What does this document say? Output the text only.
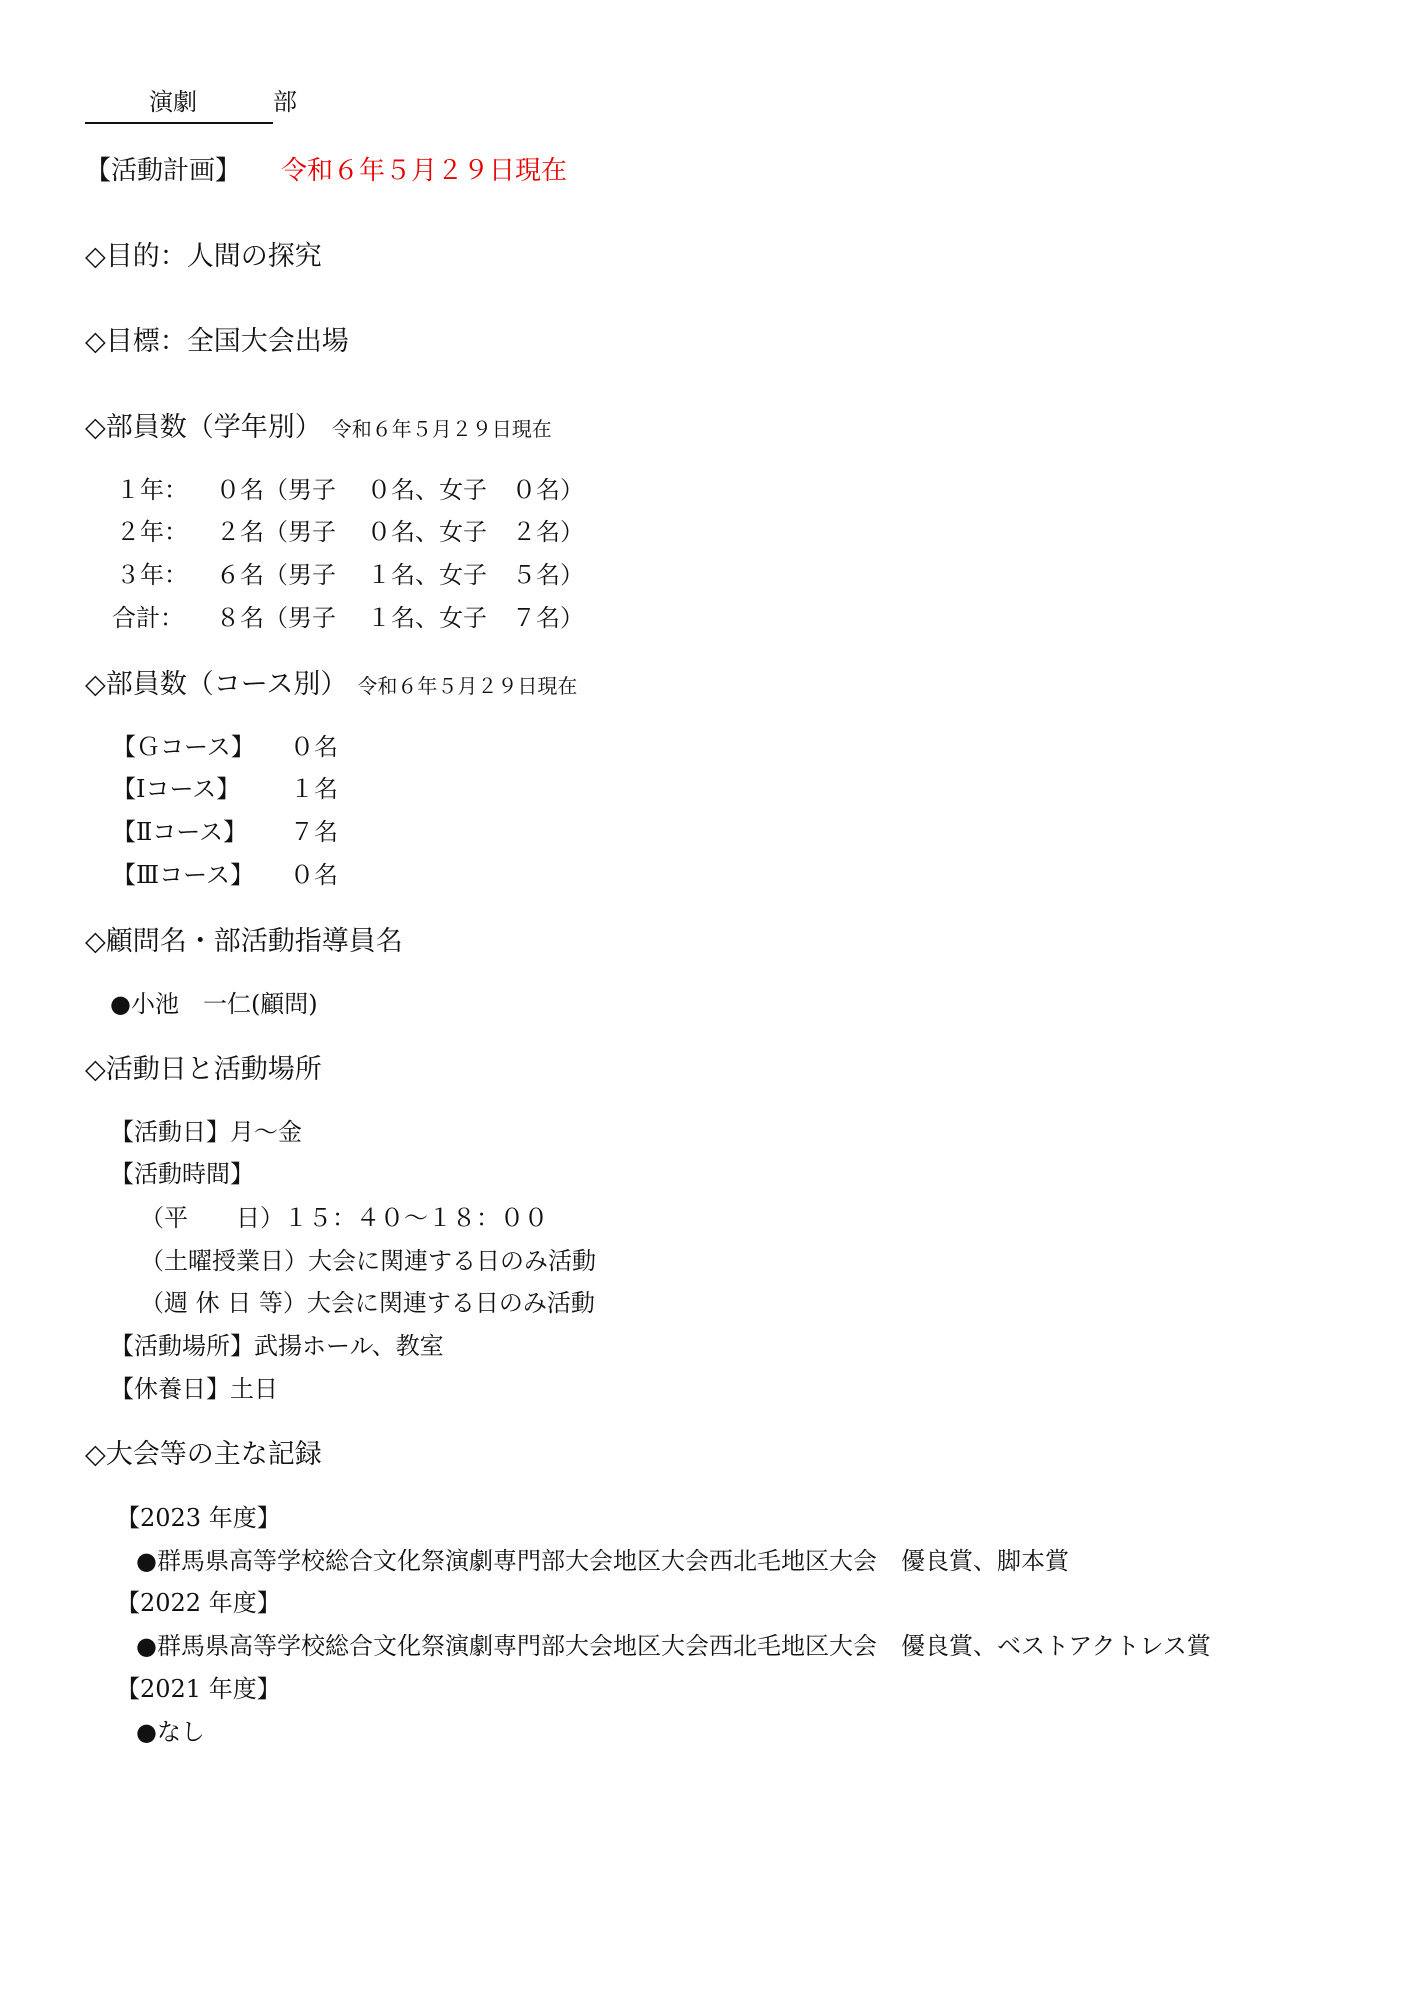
演劇	部
【活動計画】 令和６年５月２９日現在
◇目的：人間の探究
◇目標：全国大会出場
◇部員数（学年別） 令和６年５月２９日現在
１年： ０名（男子 ０名、女子 ０名）
２年： ２名（男子 ０名、女子 ２名）
３年： ６名（男子 １名、女子 ５名）
合計： ８名（男子 １名、女子 ７名）
◇部員数（コース別） 令和６年５月２９日現在
【Ｇコース】 ０名
【Ⅰコース】 １名
【Ⅱコース】 ７名
【Ⅲコース】 ０名
◇顧問名・部活動指導員名
●小池　一仁(顧問)
◇活動日と活動場所
【活動日】月～金
【活動時間】
（平　　日）１５：４０～１８：００
（土曜授業日）大会に関連する日のみ活動
（週 休 日 等）大会に関連する日のみ活動
【活動場所】武揚ホール、教室
【休養日】土日
◇大会等の主な記録
【2023 年度】
●群馬県高等学校総合文化祭演劇専門部大会地区大会西北毛地区大会　優良賞、脚本賞
【2022 年度】
●群馬県高等学校総合文化祭演劇専門部大会地区大会西北毛地区大会　優良賞、ベストアクトレス賞
【2021 年度】
●なし
